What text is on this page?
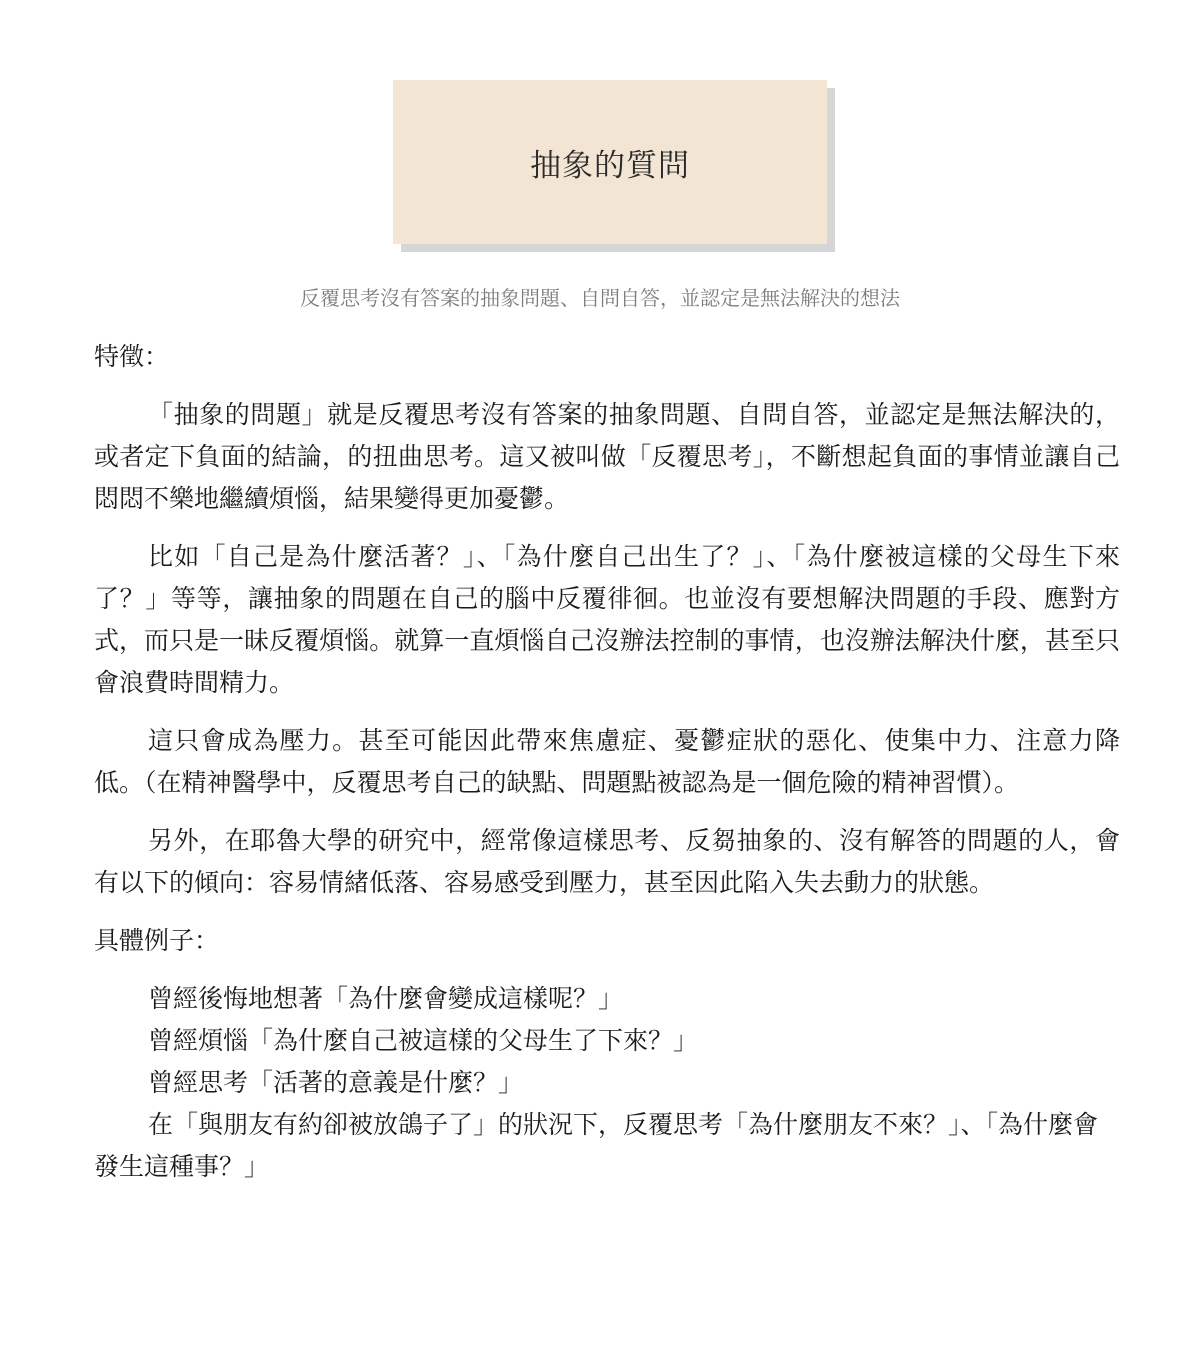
抽象的質問
反覆思考沒有答案的抽象問題、自問自答，並認定是無法解決的想法
特徵：

「抽象的問題」就是反覆思考沒有答案的抽象問題、自問自答，並認定是無法解決的，或者定下負面的結論，的扭曲思考。這又被叫做「反覆思考」，不斷想起負面的事情並讓自己悶悶不樂地繼續煩惱，結果變得更加憂鬱。

比如「自己是為什麼活著？」、「為什麼自己出生了？」、「為什麼被這樣的父母生下來了？」等等，讓抽象的問題在自己的腦中反覆徘徊。也並沒有要想解決問題的手段、應對方式，而只是一昧反覆煩惱。就算一直煩惱自己沒辦法控制的事情，也沒辦法解決什麼，甚至只會浪費時間精力。

這只會成為壓力。甚至可能因此帶來焦慮症、憂鬱症狀的惡化、使集中力、注意力降低。（在精神醫學中，反覆思考自己的缺點、問題點被認為是一個危險的精神習慣）。

另外，在耶魯大學的研究中，經常像這樣思考、反芻抽象的、沒有解答的問題的人，會有以下的傾向：容易情緒低落、容易感受到壓力，甚至因此陷入失去動力的狀態。

具體例子：

曾經後悔地想著「為什麼會變成這樣呢？」

曾經煩惱「為什麼自己被這樣的父母生了下來？」

曾經思考「活著的意義是什麼？」

在「與朋友有約卻被放鴿子了」的狀況下，反覆思考「為什麼朋友不來？」、「為什麼會發生這種事？」
